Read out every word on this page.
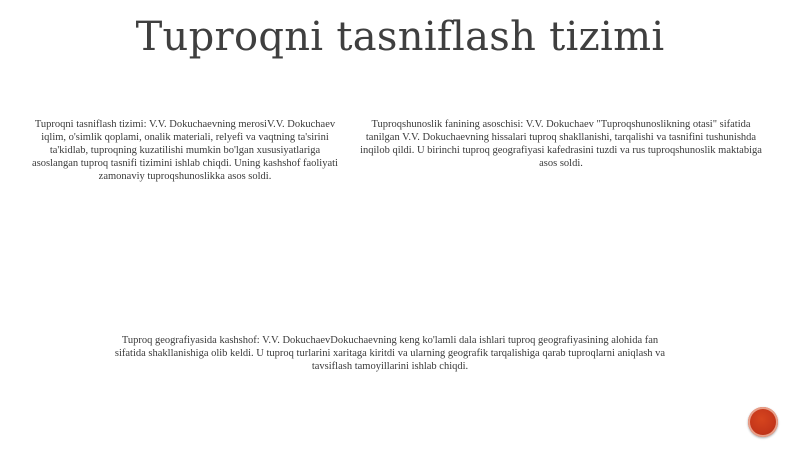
Tuproqni tasniflash tizimi
Tuproqni tasniflash tizimi: V.V. Dokuchaevning merosiV.V. Dokuchaev iqlim, o'simlik qoplami, onalik materiali, relyefi va vaqtning ta'sirini ta'kidlab, tuproqning kuzatilishi mumkin bo'lgan xususiyatlariga asoslangan tuproq tasnifi tizimini ishlab chiqdi. Uning kashshof faoliyati zamonaviy tuproqshunoslikka asos soldi.
Tuproqshunoslik fanining asoschisi: V.V. Dokuchaev "Tuproqshunoslikning otasi" sifatida tanilgan V.V. Dokuchaevning hissalari tuproq shakllanishi, tarqalishi va tasnifini tushunishda inqilob qildi. U birinchi tuproq geografiyasi kafedrasini tuzdi va rus tuproqshunoslik maktabiga asos soldi.
Tuproq geografiyasida kashshof: V.V. DokuchaevDokuchaevning keng ko'lamli dala ishlari tuproq geografiyasining alohida fan sifatida shakllanishiga olib keldi. U tuproq turlarini xaritaga kiritdi va ularning geografik tarqalishiga qarab tuproqlarni aniqlash va tavsiflash tamoyillarini ishlab chiqdi.
